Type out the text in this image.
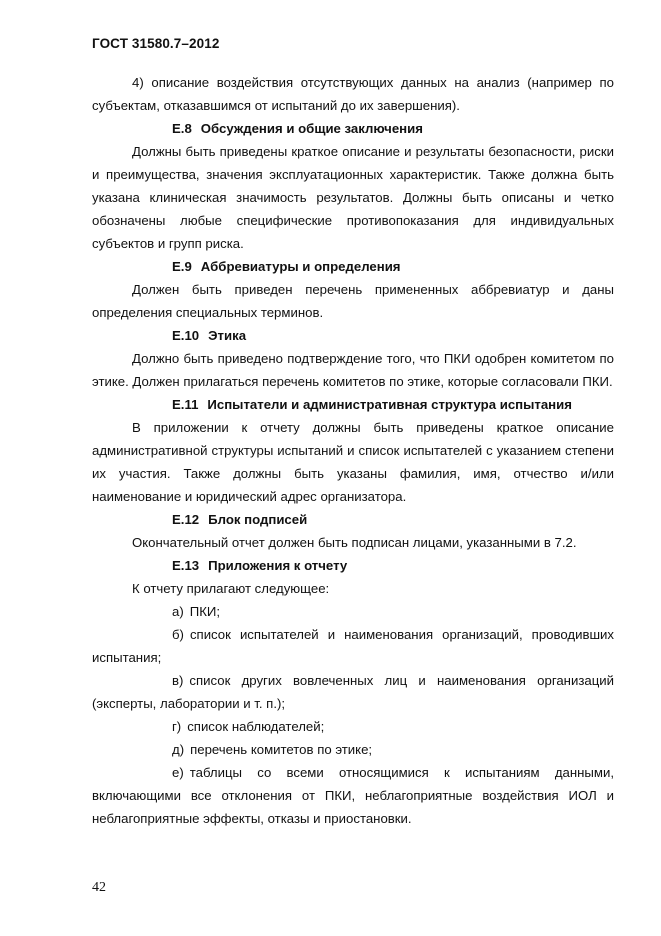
ГОСТ 31580.7–2012

4) описание воздействия отсутствующих данных на анализ (например по субъектам, отказавшимся от испытаний до их завершения).

Е.8 Обсуждения и общие заключения

Должны быть приведены краткое описание и результаты безопасности, риски и преимущества, значения эксплуатационных характеристик. Также должна быть указана клиническая значимость результатов. Должны быть описаны и четко обозначены любые специфические противопоказания для индивидуальных субъектов и групп риска.

Е.9 Аббревиатуры и определения

Должен быть приведен перечень примененных аббревиатур и даны определения специальных терминов.

Е.10 Этика

Должно быть приведено подтверждение того, что ПКИ одобрен комитетом по этике. Должен прилагаться перечень комитетов по этике, которые согласовали ПКИ.

Е.11 Испытатели и административная структура испытания

В приложении к отчету должны быть приведены краткое описание административной структуры испытаний и список испытателей с указанием степени их участия. Также должны быть указаны фамилия, имя, отчество и/или наименование и юридический адрес организатора.

Е.12 Блок подписей

Окончательный отчет должен быть подписан лицами, указанными в 7.2.

Е.13 Приложения к отчету

К отчету прилагают следующее:

а) ПКИ;

б) список испытателей и наименования организаций, проводивших испытания;

в) список других вовлеченных лиц и наименования организаций (эксперты, лаборатории и т. п.);

г) список наблюдателей;

д) перечень комитетов по этике;

е) таблицы со всеми относящимися к испытаниям данными, включающими все отклонения от ПКИ, неблагоприятные воздействия ИОЛ и неблагоприятные эффекты, отказы и приостановки.

42
